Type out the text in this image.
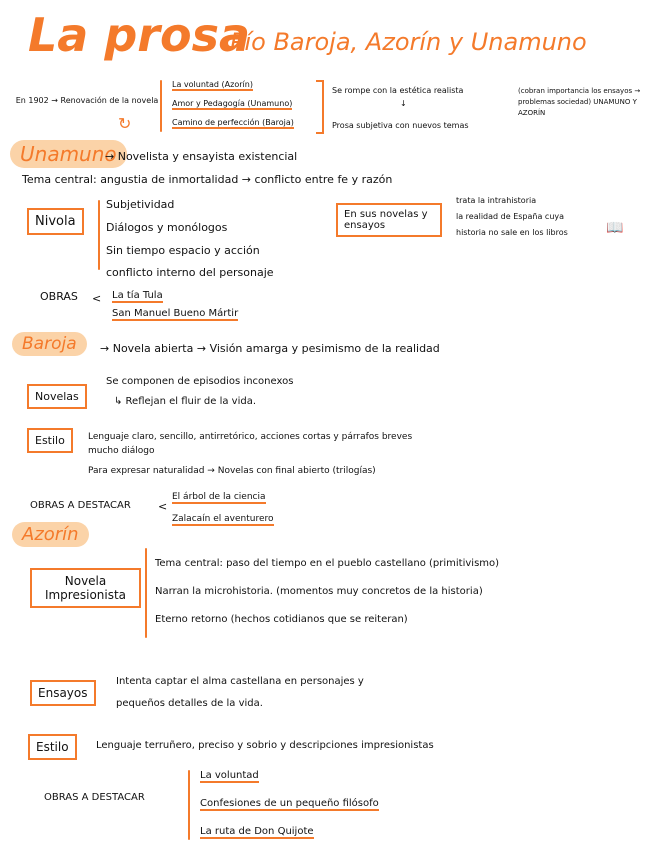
La prosa
Pío Baroja, Azorín y Unamuno
En 1902 → Renovación de la novela
↻
La voluntad (Azorín)
Amor y Pedagogía (Unamuno)
Camino de perfección (Baroja)
Se rompe con la estética realista
↓
Prosa subjetiva con nuevos temas
(cobran importancia los ensayos → problemas sociedad) UNAMUNO Y AZORÍN
Unamuno
→ Novelista y ensayista existencial
Tema central: angustia de inmortalidad → conflicto entre fe y razón
Nivola
Subjetividad
Diálogos y monólogos
Sin tiempo espacio y acción
conflicto interno del personaje
En sus novelas y ensayos
trata la intrahistoria
la realidad de España cuya
historia no sale en los libros	📖
OBRAS < La tía Tula
San Manuel Bueno Mártir
Baroja	→ Novela abierta → Visión amarga y pesimismo de la realidad
Novelas
Se componen de episodios inconexos
↳ Reflejan el fluir de la vida.
Estilo	Lenguaje claro, sencillo, antirretórico, acciones cortas y párrafos breves
mucho diálogo
Para expresar naturalidad → Novelas con final abierto (trilogías)
OBRAS A DESTACAR <
El árbol de la ciencia
Zalacaín el aventurero
Azorín
Novela Impresionista
Tema central: paso del tiempo en el pueblo castellano (primitivismo)
Narran la microhistoria. (momentos muy concretos de la historia)
Eterno retorno (hechos cotidianos que se reiteran)
Ensayos
Intenta captar el alma castellana en personajes y
pequeños detalles de la vida.
Estilo	Lenguaje terruñero, preciso y sobrio y descripciones impresionistas
OBRAS A DESTACAR
La voluntad
Confesiones de un pequeño filósofo
La ruta de Don Quijote
